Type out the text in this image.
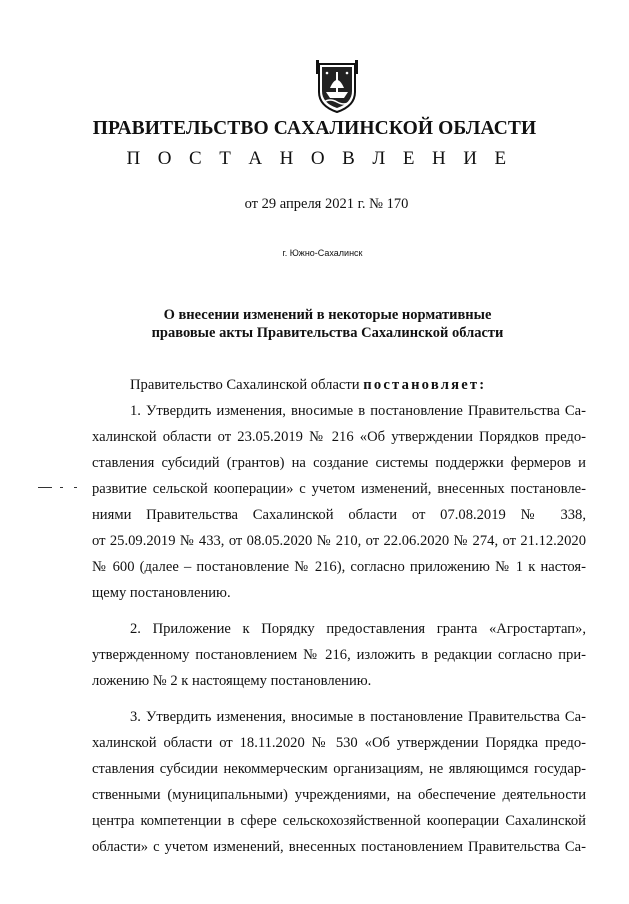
ПРАВИТЕЛЬСТВО САХАЛИНСКОЙ ОБЛАСТИ
П О С Т А Н О В Л Е Н И Е
от 29 апреля 2021 г. № 170
г. Южно-Сахалинск
О внесении изменений в некоторые нормативные
правовые акты Правительства Сахалинской области
Правительство Сахалинской области постановляет:
1. Утвердить изменения, вносимые в постановление Правительства Са-
халинской области от 23.05.2019 № 216 «Об утверждении Порядков предо-
ставления субсидий (грантов) на создание системы поддержки фермеров и
развитие сельской кооперации» с учетом изменений, внесенных постановле-
ниями Правительства Сахалинской области от 07.08.2019 № 338,
от 25.09.2019 № 433, от 08.05.2020 № 210, от 22.06.2020 № 274, от 21.12.2020
№ 600 (далее – постановление № 216), согласно приложению № 1 к настоя-
щему постановлению.
2. Приложение к Порядку предоставления гранта «Агростартап»,
утвержденному постановлением № 216, изложить в редакции согласно при-
ложению № 2 к настоящему постановлению.
3. Утвердить изменения, вносимые в постановление Правительства Са-
халинской области от 18.11.2020 № 530 «Об утверждении Порядка предо-
ставления субсидии некоммерческим организациям, не являющимся государ-
ственными (муниципальными) учреждениями, на обеспечение деятельности
центра компетенции в сфере сельскохозяйственной кооперации Сахалинской
области» с учетом изменений, внесенных постановлением Правительства Са-
